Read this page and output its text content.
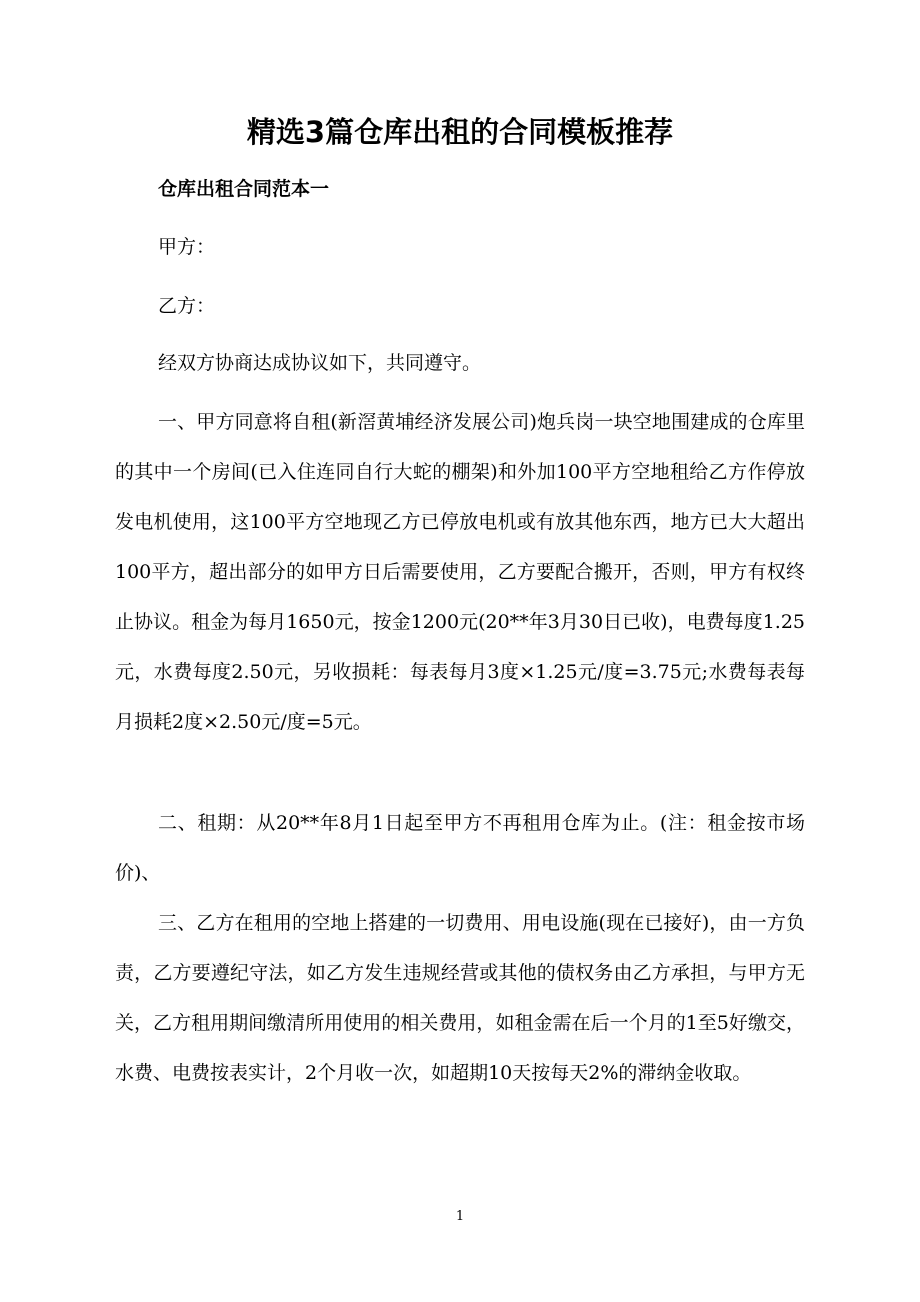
精选3篇仓库出租的合同模板推荐

仓库出租合同范本一

甲方：

乙方：

经双方协商达成协议如下，共同遵守。

一、甲方同意将自租(新滘黄埔经济发展公司)炮兵岗一块空地围建成的仓库里的其中一个房间(已入住连同自行大蛇的棚架)和外加100平方空地租给乙方作停放发电机使用，这100平方空地现乙方已停放电机或有放其他东西，地方已大大超出100平方，超出部分的如甲方日后需要使用，乙方要配合搬开，否则，甲方有权终止协议。租金为每月1650元，按金1200元(20**年3月30日已收)，电费每度1.25元，水费每度2.50元，另收损耗：每表每月3度×1.25元/度=3.75元;水费每表每月损耗2度×2.50元/度=5元。

二、租期：从20**年8月1日起至甲方不再租用仓库为止。(注：租金按市场价)、

三、乙方在租用的空地上搭建的一切费用、用电设施(现在已接好)，由一方负责，乙方要遵纪守法，如乙方发生违规经营或其他的债权务由乙方承担，与甲方无关，乙方租用期间缴清所用使用的相关费用，如租金需在后一个月的1至5好缴交，水费、电费按表实计，2个月收一次，如超期10天按每天2%的滞纳金收取。

1
